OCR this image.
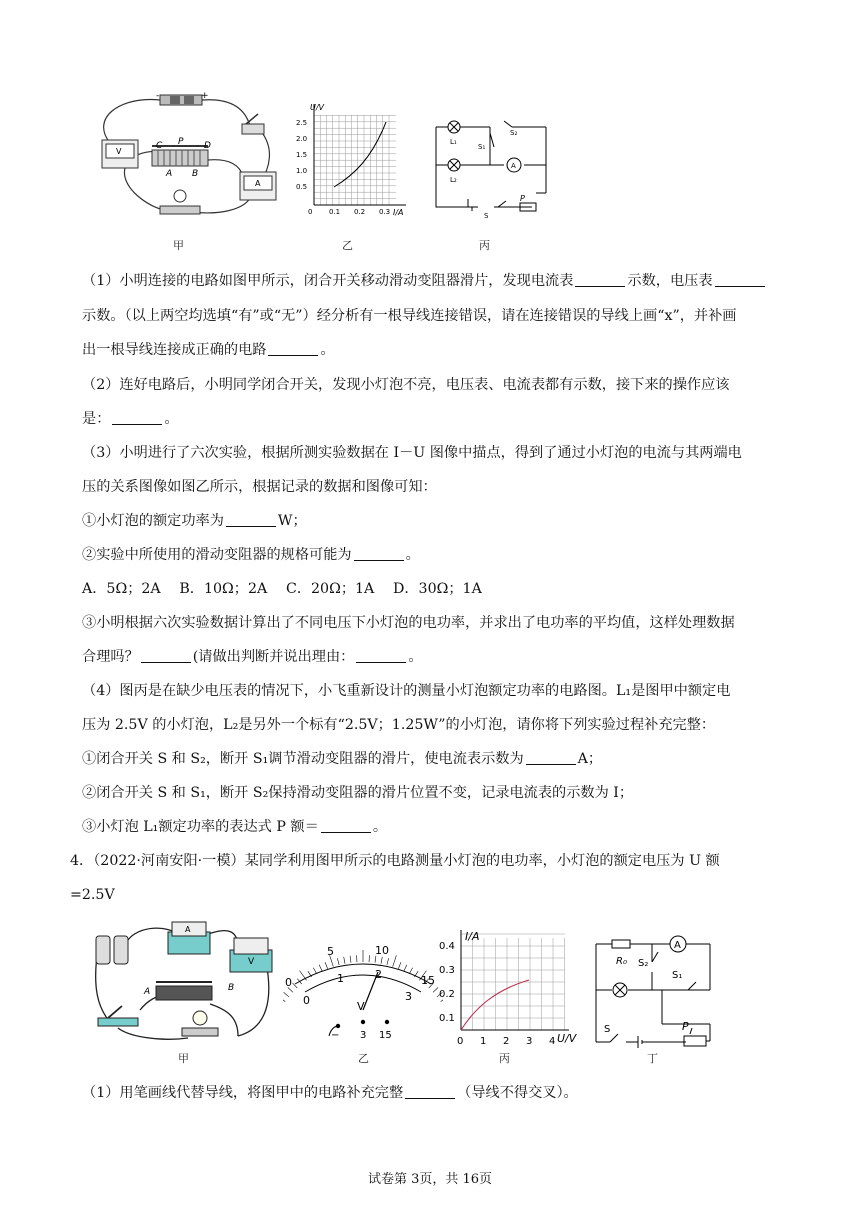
-	+
V
A
C P D
A B
甲
U/V
I/A
2.5
2.0
1.5
1.0
0.5
0 0.1 0.2 0.3
乙
A
L₁
L₂
S₁
S₂
S
P
丙
（1）小明连接的电路如图甲所示，闭合开关移动滑动变阻器滑片，发现电流表	示数，电压表
示数。（以上两空均选填“有”或“无”）经分析有一根导线连接错误，请在连接错误的导线上画“x”，并补画
出一根导线连接成正确的电路	。
（2）连好电路后，小明同学闭合开关，发现小灯泡不亮，电压表、电流表都有示数，接下来的操作应该
是：	。
（3）小明进行了六次实验，根据所测实验数据在 I－U 图像中描点，得到了通过小灯泡的电流与其两端电
压的关系图像如图乙所示，根据记录的数据和图像可知：
①小灯泡的额定功率为	W；
②实验中所使用的滑动变阻器的规格可能为	。
A．5Ω；2A　 B．10Ω；2A　 C．20Ω；1A　 D．30Ω；1A
③小明根据六次实验数据计算出了不同电压下小灯泡的电功率，并求出了电功率的平均值，这样处理数据
合理吗？	(请做出判断并说出理由：	。
（4）图丙是在缺少电压表的情况下，小飞重新设计的测量小灯泡额定功率的电路图。L₁是图甲中额定电
压为 2.5V 的小灯泡，L₂是另外一个标有“2.5V；1.25W”的小灯泡，请你将下列实验过程补充完整：
①闭合开关 S 和 S₂，断开 S₁调节滑动变阻器的滑片，使电流表示数为	A；
②闭合开关 S 和 S₁，断开 S₂保持滑动变阻器的滑片位置不变，记录电流表的示数为 I；
③小灯泡 L₁额定功率的表达式 P 额＝	。
4．（2022·河南安阳·一模）某同学利用图甲所示的电路测量小灯泡的电功率，小灯泡的额定电压为 U 额
=2.5V
A
V
A	B
甲
0
5	10
15
0
1	2
3
V
− 3 15
乙
I/A
U/V
0.4
0.3
0.2
0.1
0 1 2 3 4
丙
A
R₀ S₂
S₁
S	P
丁
（1）用笔画线代替导线，将图甲中的电路补充完整	（导线不得交叉）。
试卷第 3页，共 16页
